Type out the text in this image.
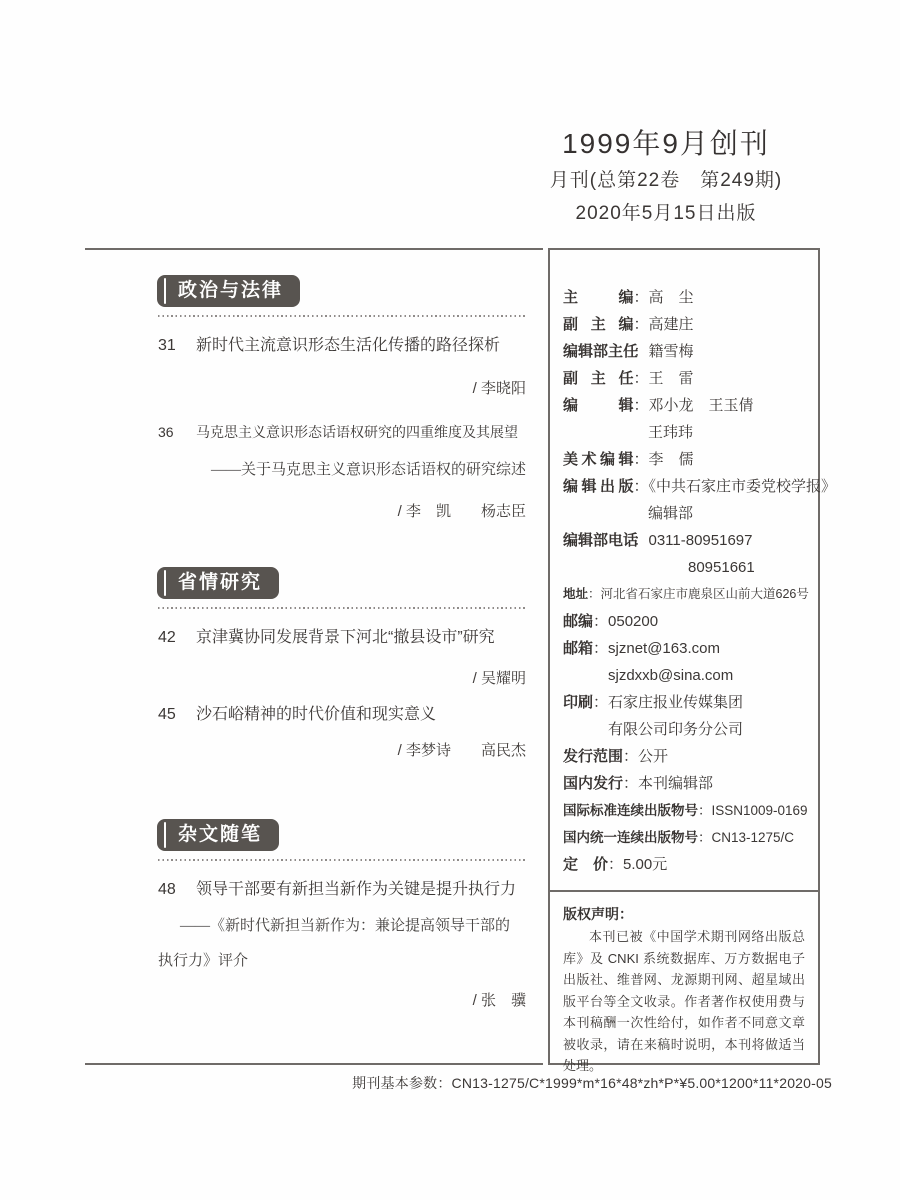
1999年9月创刊
月刊(总第22卷　第249期)
2020年5月15日出版
政治与法律
31 新时代主流意识形态生活化传播的路径探析
/ 李晓阳
36 马克思主义意识形态话语权研究的四重维度及其展望
——关于马克思主义意识形态话语权的研究综述
/ 李　凯　　杨志臣
省情研究
42 京津冀协同发展背景下河北“撤县设市”研究
/ 吴耀明
45 沙石峪精神的时代价值和现实意义
/ 李梦诗　　高民杰
杂文随笔
48 领导干部要有新担当新作为关键是提升执行力
——《新时代新担当新作为：兼论提高领导干部的
执行力》评介
/ 张　骥
主编：高　尘
副主编：高建庄
编辑部主任：籍雪梅
副主任：王　雷
编辑：邓小龙　王玉倩
王玮玮
美术编辑：李　儒
编辑出版：《中共石家庄市委党校学报》
编辑部
编辑部电话：0311-80951697
80951661
地址：河北省石家庄市鹿泉区山前大道626号
邮编：050200
邮箱：sjznet@163.com
sjzdxxb@sina.com
印刷：石家庄报业传媒集团
有限公司印务分公司
发行范围：公开
国内发行：本刊编辑部
国际标准连续出版物号：ISSN1009-0169
国内统一连续出版物号：CN13-1275/C
定　价：5.00元
版权声明：
本刊已被《中国学术期刊网络出版总库》及 CNKI 系统数据库、万方数据电子出版社、维普网、龙源期刊网、超星域出版平台等全文收录。作者著作权使用费与本刊稿酬一次性给付，如作者不同意文章被收录，请在来稿时说明，本刊将做适当处理。
期刊基本参数：CN13-1275/C*1999*m*16*48*zh*P*¥5.00*1200*11*2020-05
